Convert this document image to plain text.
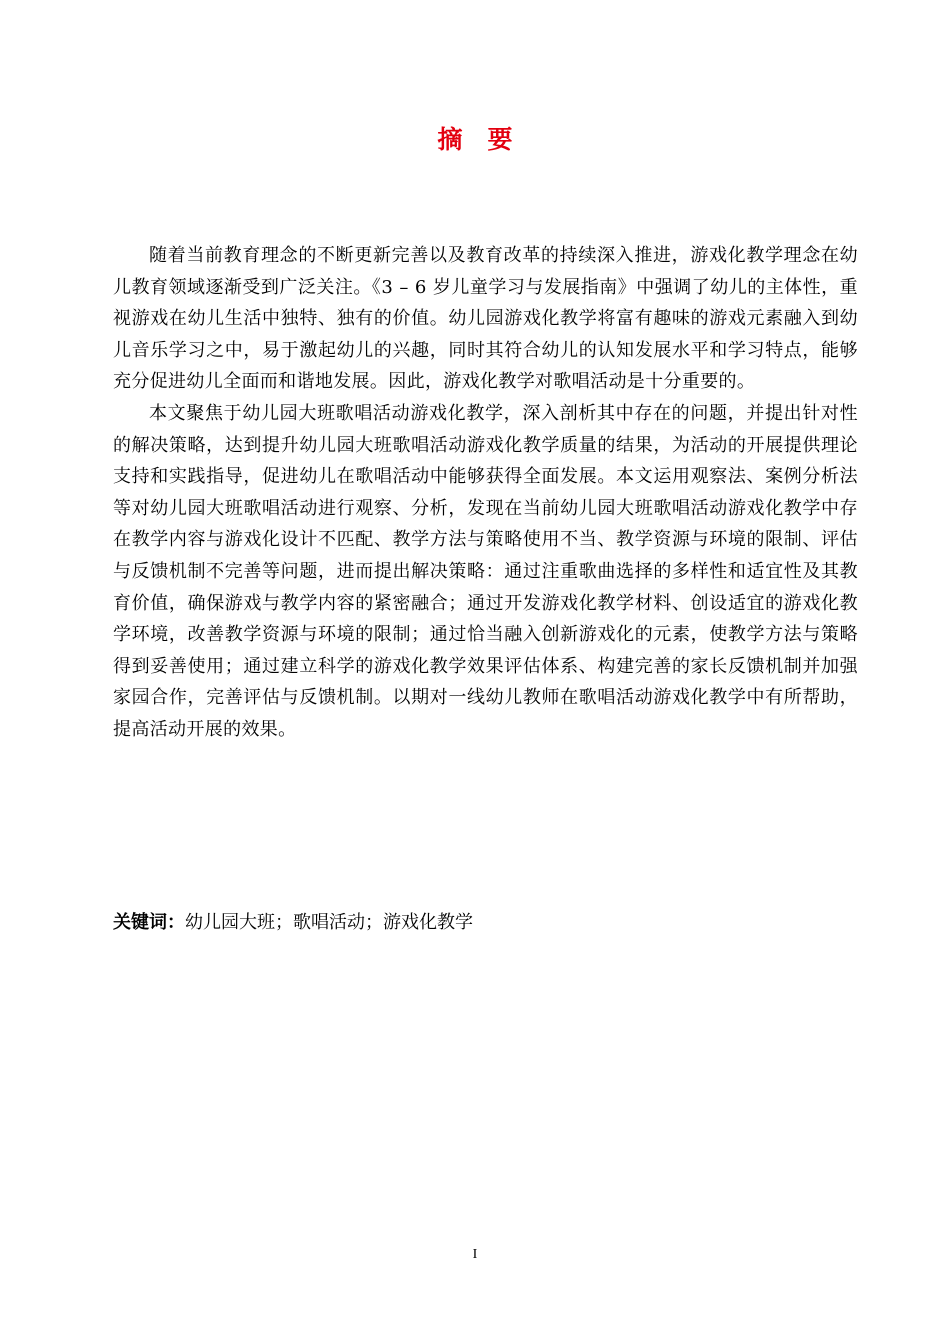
摘 要

随着当前教育理念的不断更新完善以及教育改革的持续深入推进，游戏化教学理念在幼儿教育领域逐渐受到广泛关注。《3 – 6 岁儿童学习与发展指南》中强调了幼儿的主体性，重视游戏在幼儿生活中独特、独有的价值。幼儿园游戏化教学将富有趣味的游戏元素融入到幼儿音乐学习之中，易于激起幼儿的兴趣，同时其符合幼儿的认知发展水平和学习特点，能够充分促进幼儿全面而和谐地发展。因此，游戏化教学对歌唱活动是十分重要的。

本文聚焦于幼儿园大班歌唱活动游戏化教学，深入剖析其中存在的问题，并提出针对性的解决策略，达到提升幼儿园大班歌唱活动游戏化教学质量的结果，为活动的开展提供理论支持和实践指导，促进幼儿在歌唱活动中能够获得全面发展。本文运用观察法、案例分析法等对幼儿园大班歌唱活动进行观察、分析，发现在当前幼儿园大班歌唱活动游戏化教学中存在教学内容与游戏化设计不匹配、教学方法与策略使用不当、教学资源与环境的限制、评估与反馈机制不完善等问题，进而提出解决策略：通过注重歌曲选择的多样性和适宜性及其教育价值，确保游戏与教学内容的紧密融合；通过开发游戏化教学材料、创设适宜的游戏化教学环境，改善教学资源与环境的限制；通过恰当融入创新游戏化的元素，使教学方法与策略得到妥善使用；通过建立科学的游戏化教学效果评估体系、构建完善的家长反馈机制并加强家园合作，完善评估与反馈机制。以期对一线幼儿教师在歌唱活动游戏化教学中有所帮助，提高活动开展的效果。

关键词：幼儿园大班；歌唱活动；游戏化教学
I
